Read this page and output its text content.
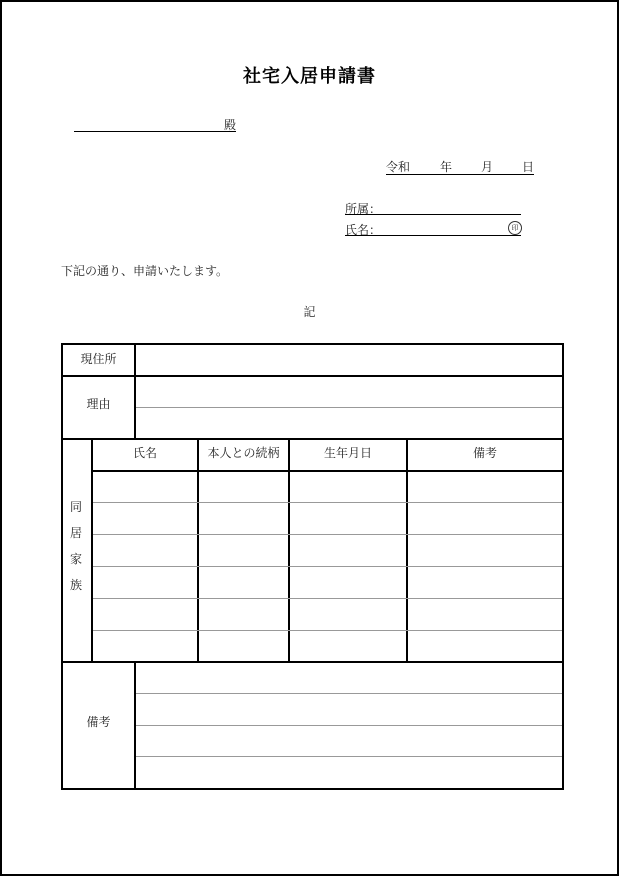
社宅入居申請書
殿
令和 年 月 日
所属：
氏名：	印
下記の通り、申請いたします。
記
現住所
理由
同
居
家
族
氏名	本人との続柄	生年月日	備考
備考
